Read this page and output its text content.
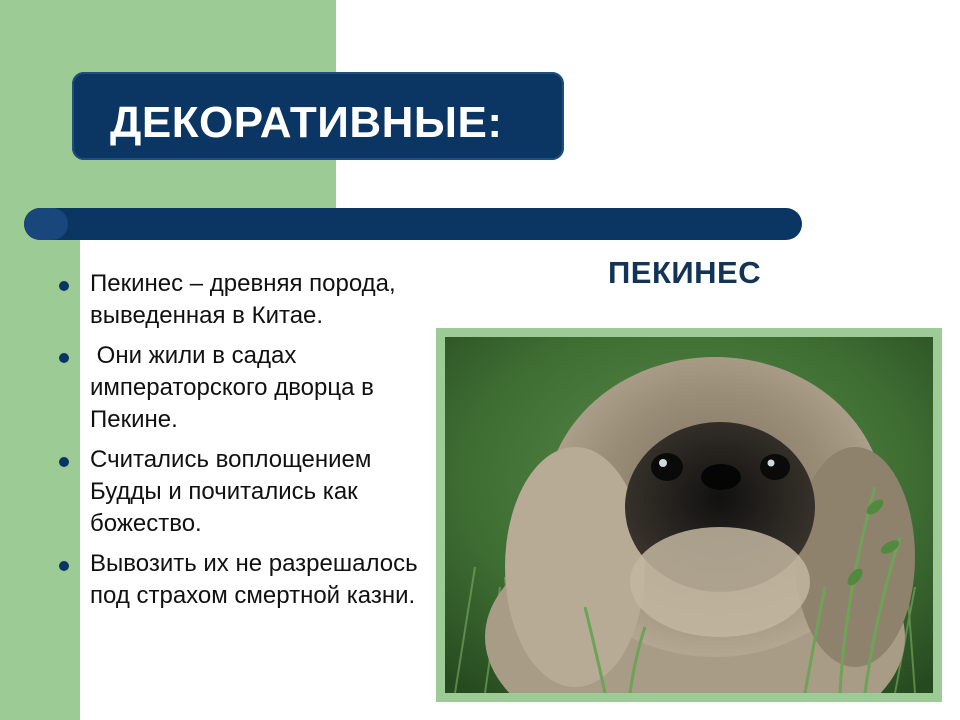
ДЕКОРАТИВНЫЕ:
ПЕКИНЕС
Пекинес – древняя порода, выведенная в Китае.
Они жили в садах императорского дворца в Пекине.
Считались воплощением Будды и почитались как божество.
Вывозить их не разрешалось под страхом смертной казни.
